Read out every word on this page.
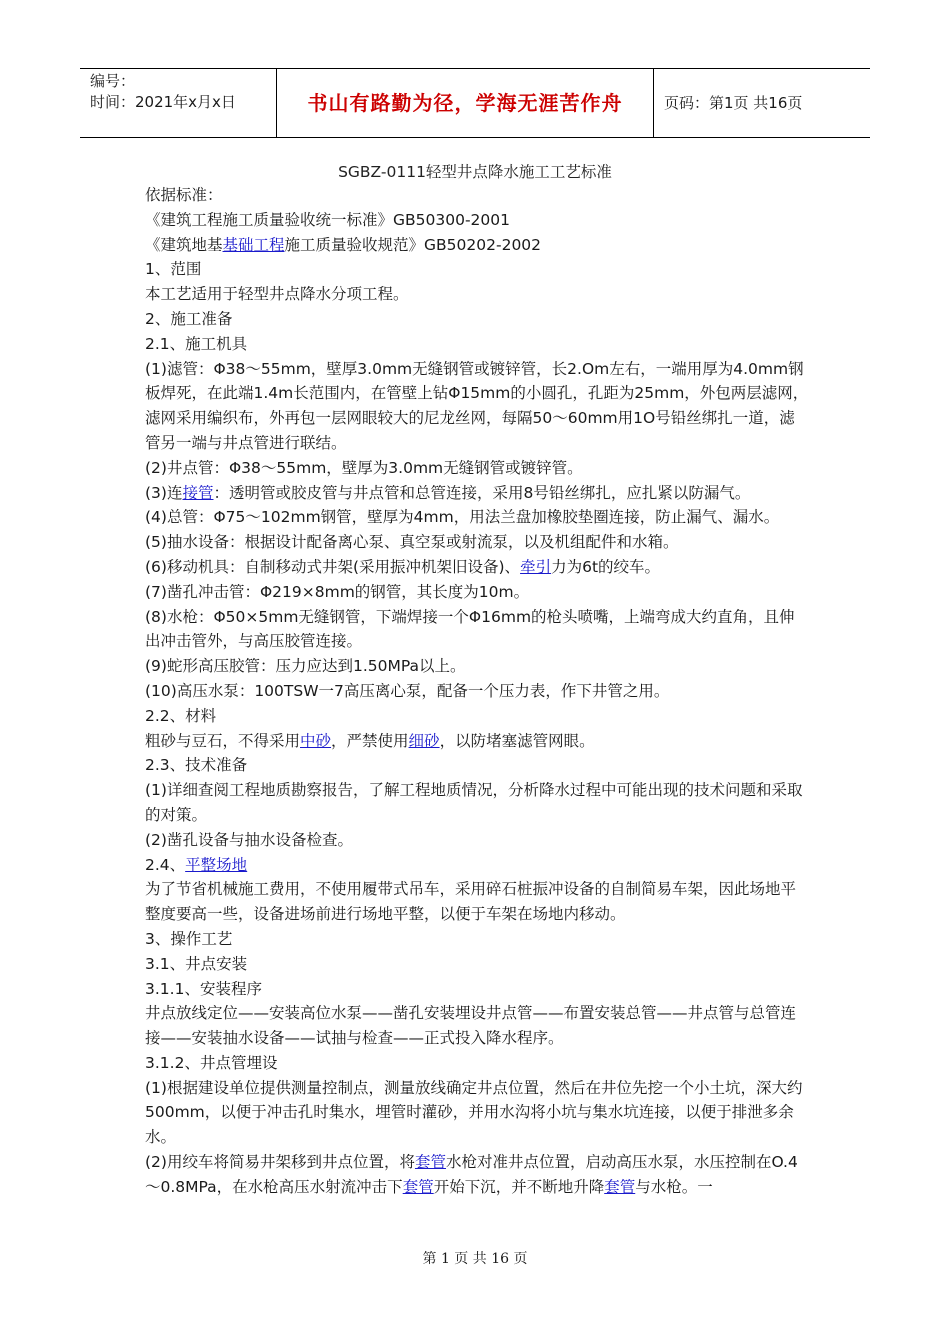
编号：
时间：2021年x月x日	书山有路勤为径，学海无涯苦作舟	页码：第1页 共16页
SGBZ-0111轻型井点降水施工工艺标准

依据标准：

《建筑工程施工质量验收统一标准》GB50300-2001

《建筑地基基础工程施工质量验收规范》GB50202-2002

1、范围

本工艺适用于轻型井点降水分项工程。

2、施工准备

2.1、施工机具

(1)滤管：Φ38～55mm，壁厚3.0mm无缝钢管或镀锌管，长2.Om左右，一端用厚为4.0mm钢板焊死，在此端1.4m长范围内，在管壁上钻Φ15mm的小圆孔，孔距为25mm，外包两层滤网，滤网采用编织布，外再包一层网眼较大的尼龙丝网，每隔50～60mm用1O号铅丝绑扎一道，滤管另一端与井点管进行联结。

(2)井点管：Φ38～55mm，壁厚为3.0mm无缝钢管或镀锌管。

(3)连接管：透明管或胶皮管与井点管和总管连接，采用8号铅丝绑扎，应扎紧以防漏气。

(4)总管：Φ75～102mm钢管，壁厚为4mm，用法兰盘加橡胶垫圈连接，防止漏气、漏水。

(5)抽水设备：根据设计配备离心泵、真空泵或射流泵，以及机组配件和水箱。

(6)移动机具：自制移动式井架(采用振冲机架旧设备)、牵引力为6t的绞车。

(7)凿孔冲击管：Φ219×8mm的钢管，其长度为10m。

(8)水枪：Φ50×5mm无缝钢管，下端焊接一个Φ16mm的枪头喷嘴，上端弯成大约直角，且伸出冲击管外，与高压胶管连接。

(9)蛇形高压胶管：压力应达到1.50MPa以上。

(10)高压水泵：100TSW一7高压离心泵，配备一个压力表，作下井管之用。

2.2、材料

粗砂与豆石，不得采用中砂，严禁使用细砂，以防堵塞滤管网眼。

2.3、技术准备

(1)详细查阅工程地质勘察报告，了解工程地质情况，分析降水过程中可能出现的技术问题和采取的对策。

(2)凿孔设备与抽水设备检查。

2.4、平整场地

为了节省机械施工费用，不使用履带式吊车，采用碎石桩振冲设备的自制简易车架，因此场地平整度要高一些，设备进场前进行场地平整，以便于车架在场地内移动。

3、操作工艺

3.1、井点安装

3.1.1、安装程序

井点放线定位——安装高位水泵——凿孔安装埋设井点管——布置安装总管——井点管与总管连接——安装抽水设备——试抽与检查——正式投入降水程序。

3.1.2、井点管埋设

(1)根据建设单位提供测量控制点，测量放线确定井点位置，然后在井位先挖一个小土坑，深大约500mm，以便于冲击孔时集水，埋管时灌砂，并用水沟将小坑与集水坑连接，以便于排泄多余水。

(2)用绞车将简易井架移到井点位置，将套管水枪对准井点位置，启动高压水泵，水压控制在O.4～0.8MPa，在水枪高压水射流冲击下套管开始下沉，并不断地升降套管与水枪。一

第 1 页 共 16 页
